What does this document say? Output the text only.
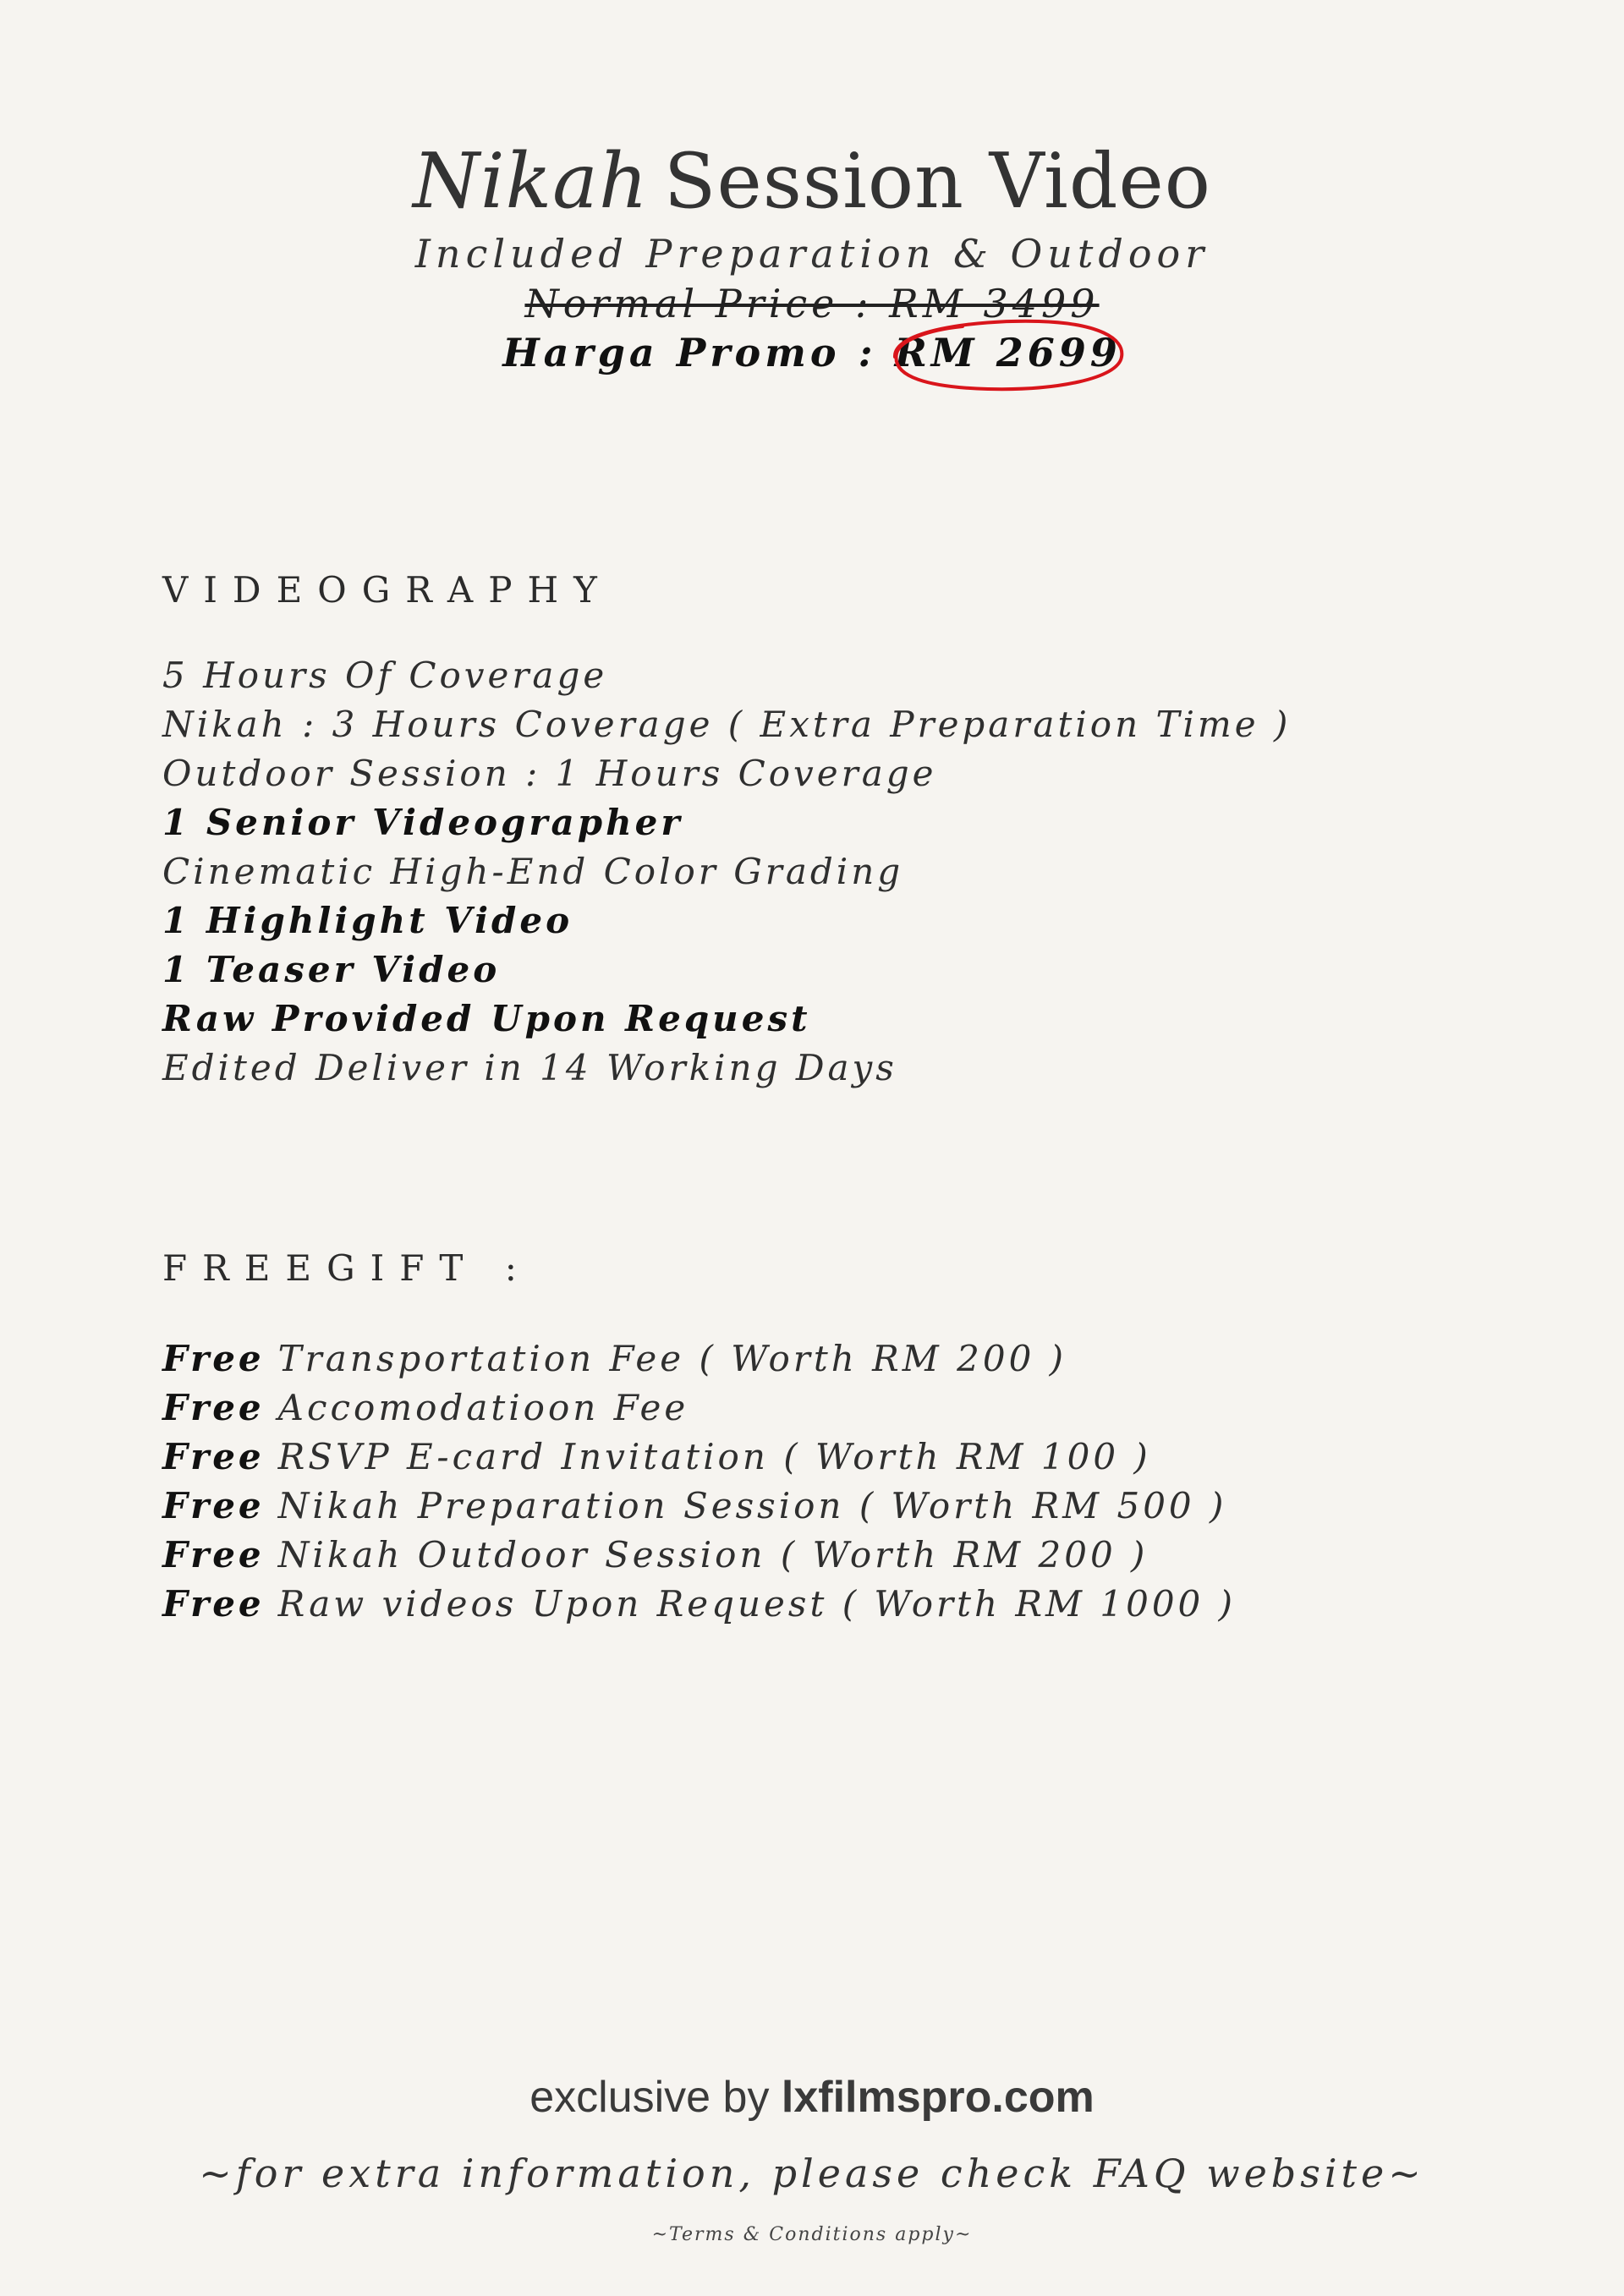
Nikah Session Video
Included Preparation & Outdoor
Normal Price : RM 3499
Harga Promo : RM 2699
VIDEOGRAPHY
5 Hours Of Coverage
Nikah : 3 Hours Coverage ( Extra Preparation Time )
Outdoor Session : 1 Hours Coverage
1 Senior Videographer
Cinematic High-End Color Grading
1 Highlight Video
1 Teaser Video
Raw Provided Upon Request
Edited Deliver in 14 Working Days
FREEGIFT :
Free Transportation Fee ( Worth RM 200 )
Free Accomodatioon Fee
Free RSVP E-card Invitation ( Worth RM 100 )
Free Nikah Preparation Session ( Worth RM 500 )
Free Nikah Outdoor Session ( Worth RM 200 )
Free Raw videos Upon Request ( Worth RM 1000 )
exclusive by lxfilmspro.com
~for extra information, please check FAQ website~
~Terms & Conditions apply~
